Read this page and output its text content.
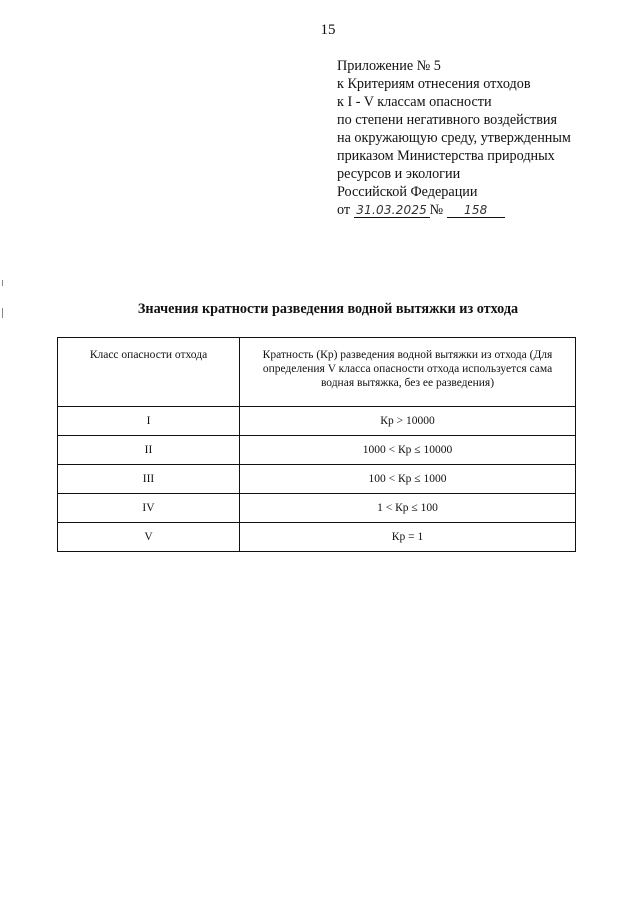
15
Приложение № 5
к Критериям отнесения отходов
к I - V классам опасности
по степени негативного воздействия
на окружающую среду, утвержденным
приказом Министерства природных
ресурсов и экологии
Российской Федерации
от 31.03.2025 № 158
Значения кратности разведения водной вытяжки из отхода
Класс опасности отхода	Кратность (Кр) разведения водной вытяжки из отхода (Для определения V класса опасности отхода используется сама водная вытяжка, без ее разведения)
I	Кр > 10000
II	1000 < Кр ≤ 10000
III	100 < Кр ≤ 1000
IV	1 < Кр ≤ 100
V	Кр = 1
